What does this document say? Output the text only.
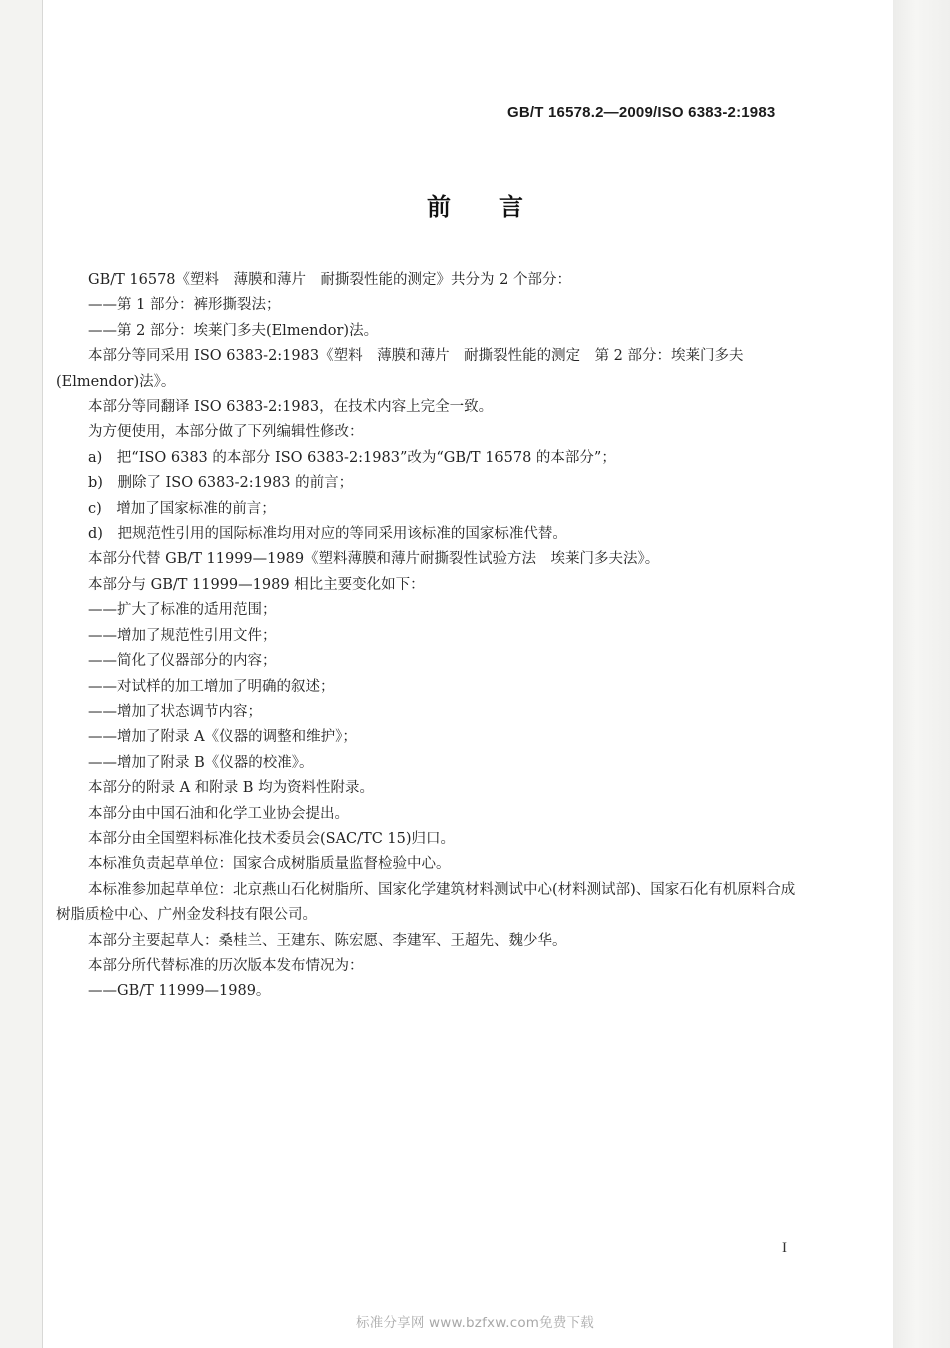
GB/T 16578.2—2009/ISO 6383-2:1983
前 言

GB/T 16578《塑料　薄膜和薄片　耐撕裂性能的测定》共分为 2 个部分：

——第 1 部分：裤形撕裂法；

——第 2 部分：埃莱门多夫(Elmendor)法。

本部分等同采用 ISO 6383-2:1983《塑料　薄膜和薄片　耐撕裂性能的测定　第 2 部分：埃莱门多夫(Elmendor)法》。

本部分等同翻译 ISO 6383-2:1983，在技术内容上完全一致。

为方便使用，本部分做了下列编辑性修改：

a)　把“ISO 6383 的本部分 ISO 6383-2:1983”改为“GB/T 16578 的本部分”；

b)　删除了 ISO 6383-2:1983 的前言；

c)　增加了国家标准的前言；

d)　把规范性引用的国际标准均用对应的等同采用该标准的国家标准代替。

本部分代替 GB/T 11999—1989《塑料薄膜和薄片耐撕裂性试验方法　埃莱门多夫法》。

本部分与 GB/T 11999—1989 相比主要变化如下：

——扩大了标准的适用范围；

——增加了规范性引用文件；

——简化了仪器部分的内容；

——对试样的加工增加了明确的叙述；

——增加了状态调节内容；

——增加了附录 A《仪器的调整和维护》；

——增加了附录 B《仪器的校准》。

本部分的附录 A 和附录 B 均为资料性附录。

本部分由中国石油和化学工业协会提出。

本部分由全国塑料标准化技术委员会(SAC/TC 15)归口。

本标准负责起草单位：国家合成树脂质量监督检验中心。

本标准参加起草单位：北京燕山石化树脂所、国家化学建筑材料测试中心(材料测试部)、国家石化有机原料合成树脂质检中心、广州金发科技有限公司。

本部分主要起草人：桑桂兰、王建东、陈宏愿、李建军、王超先、魏少华。

本部分所代替标准的历次版本发布情况为：

——GB/T 11999—1989。

I
标准分享网 www.bzfxw.com免费下载
